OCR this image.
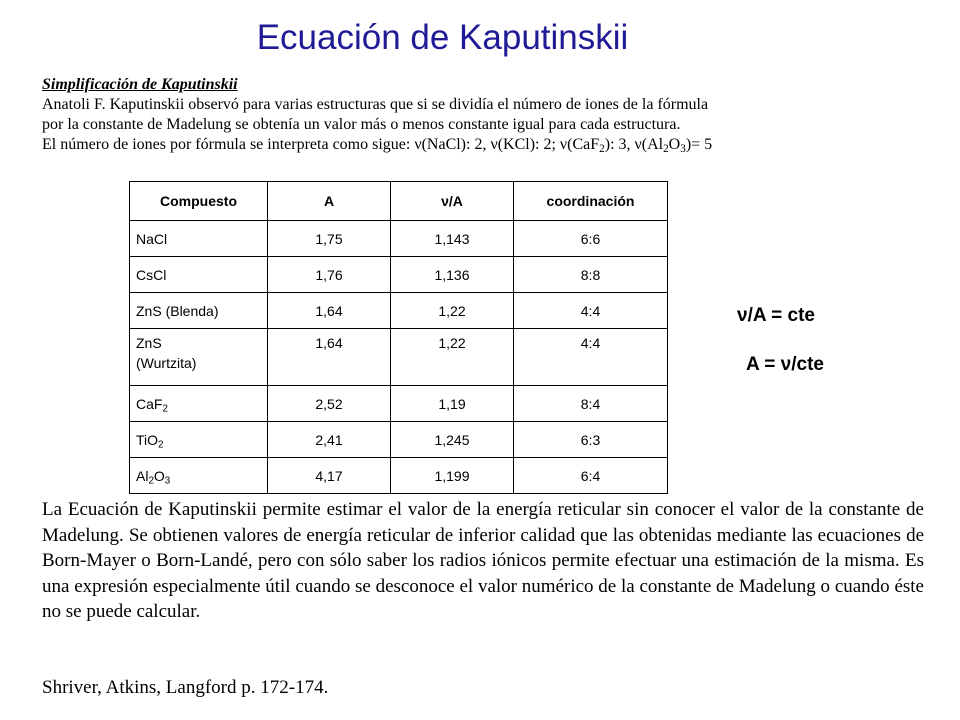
Ecuación de Kaputinskii

Simplificación de Kaputinskii

Anatoli F. Kaputinskii observó para varias estructuras que si se dividía el número de iones de la fórmula

por la constante de Madelung se obtenía un valor más o menos constante igual para cada estructura.

El número de iones por fórmula se interpreta como sigue: ν(NaCl): 2, ν(KCl): 2; ν(CaF$_2$): 3, $\nu(Al_2O_3)= 5$

Compuesto	A	ν/A	coordinación
NaCl	1,75	1,143	6:6
CsCl	1,76	1,136	8:8
ZnS (Blenda)	1,64	1,22	4:4
ZnS
(Wurtzita)	1,64	1,22	4:4
CaF$_2$	2,52	1,19	8:4
TiO$_2$	2,41	1,245	6:3
$Al_2O_3$	4,17	1,199	6:4
ν/A = cte
A = ν/cte
La Ecuación de Kaputinskii permite estimar el valor de la energía reticular sin conocer el valor de la constante de Madelung. Se obtienen valores de energía reticular de inferior calidad que las obtenidas mediante las ecuaciones de Born-Mayer o Born-Landé, pero con sólo saber los radios iónicos permite efectuar una estimación de la misma. Es una expresión especialmente útil cuando se desconoce el valor numérico de la constante de Madelung o cuando éste no se puede calcular.
Shriver, Atkins, Langford p. 172-174.
